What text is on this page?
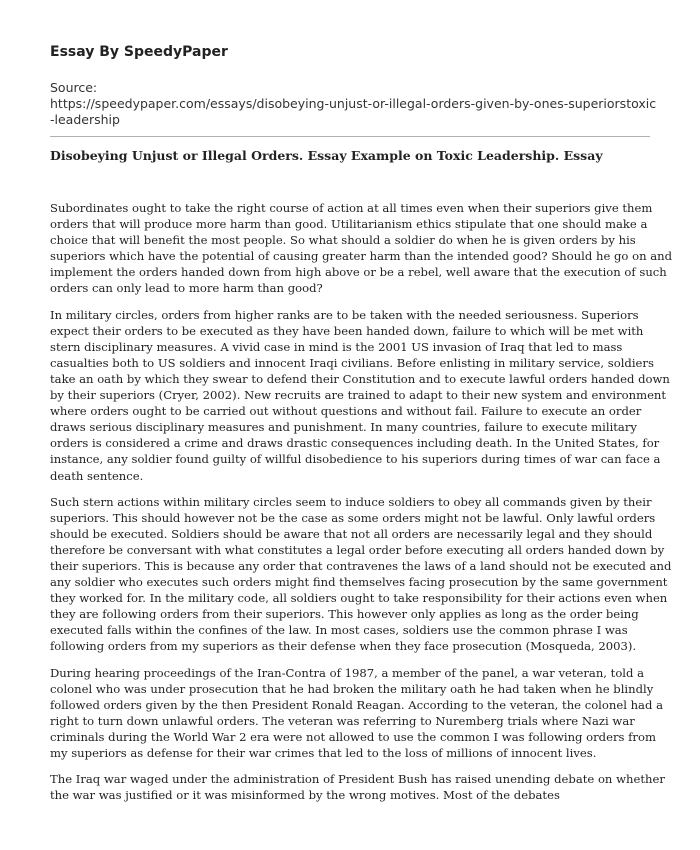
Essay By SpeedyPaper
Source:
https://speedypaper.com/essays/disobeying-unjust-or-illegal-orders-given-by-ones-superiorstoxic-leadership
Disobeying Unjust or Illegal Orders. Essay Example on Toxic Leadership. Essay

Subordinates ought to take the right course of action at all times even when their superiors give them orders that will produce more harm than good. Utilitarianism ethics stipulate that one should make a choice that will benefit the most people. So what should a soldier do when he is given orders by his superiors which have the potential of causing greater harm than the intended good? Should he go on and implement the orders handed down from high above or be a rebel, well aware that the execution of such orders can only lead to more harm than good?

In military circles, orders from higher ranks are to be taken with the needed seriousness. Superiors expect their orders to be executed as they have been handed down, failure to which will be met with stern disciplinary measures. A vivid case in mind is the 2001 US invasion of Iraq that led to mass casualties both to US soldiers and innocent Iraqi civilians. Before enlisting in military service, soldiers take an oath by which they swear to defend their Constitution and to execute lawful orders handed down by their superiors (Cryer, 2002). New recruits are trained to adapt to their new system and environment where orders ought to be carried out without questions and without fail. Failure to execute an order draws serious disciplinary measures and punishment. In many countries, failure to execute military orders is considered a crime and draws drastic consequences including death. In the United States, for instance, any soldier found guilty of willful disobedience to his superiors during times of war can face a death sentence.

Such stern actions within military circles seem to induce soldiers to obey all commands given by their superiors. This should however not be the case as some orders might not be lawful. Only lawful orders should be executed. Soldiers should be aware that not all orders are necessarily legal and they should therefore be conversant with what constitutes a legal order before executing all orders handed down by their superiors. This is because any order that contravenes the laws of a land should not be executed and any soldier who executes such orders might find themselves facing prosecution by the same government they worked for. In the military code, all soldiers ought to take responsibility for their actions even when they are following orders from their superiors. This however only applies as long as the order being executed falls within the confines of the law. In most cases, soldiers use the common phrase I was following orders from my superiors as their defense when they face prosecution (Mosqueda, 2003).

During hearing proceedings of the Iran-Contra of 1987, a member of the panel, a war veteran, told a colonel who was under prosecution that he had broken the military oath he had taken when he blindly followed orders given by the then President Ronald Reagan. According to the veteran, the colonel had a right to turn down unlawful orders. The veteran was referring to Nuremberg trials where Nazi war criminals during the World War 2 era were not allowed to use the common I was following orders from my superiors as defense for their war crimes that led to the loss of millions of innocent lives.

The Iraq war waged under the administration of President Bush has raised unending debate on whether the war was justified or it was misinformed by the wrong motives. Most of the debates
